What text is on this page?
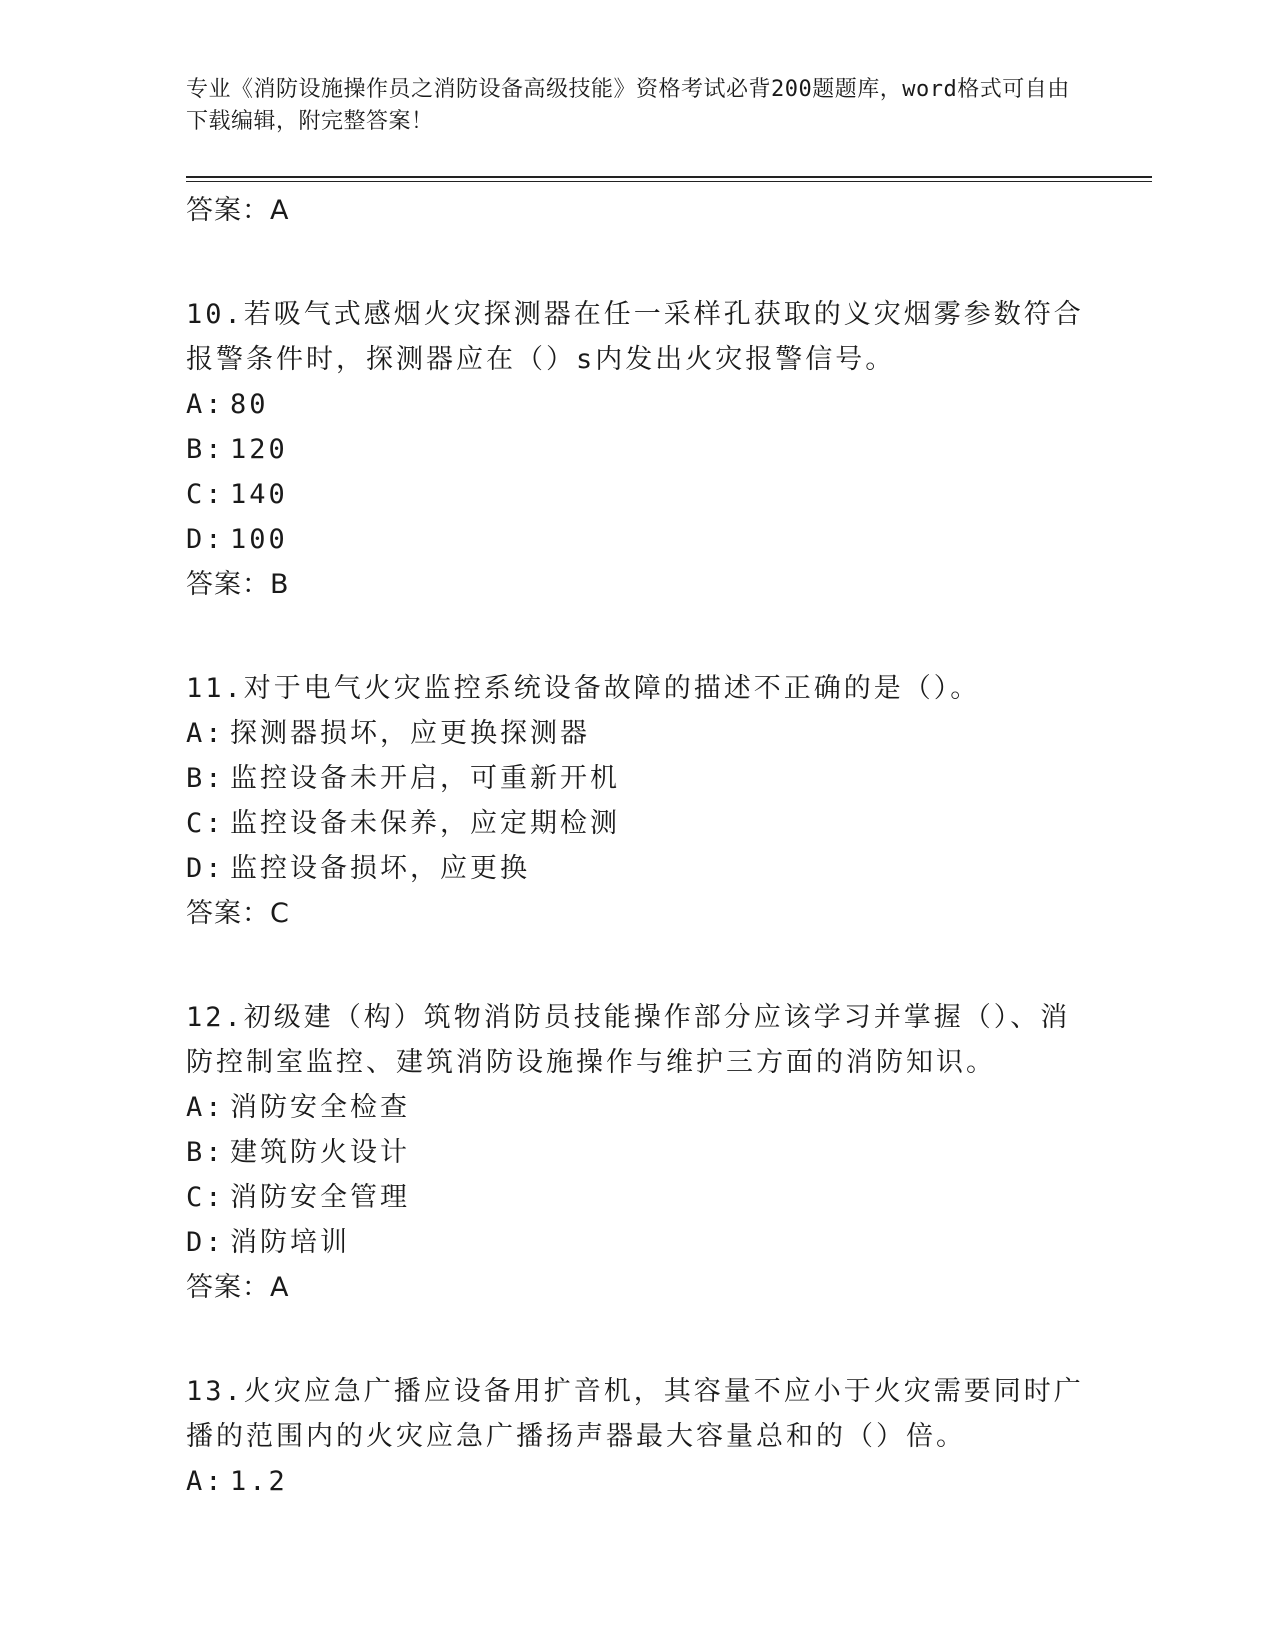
专业《消防设施操作员之消防设备高级技能》资格考试必背200题题库，word格式可自由下载编辑，附完整答案！

答案：A

10.若吸气式感烟火灾探测器在任一采样孔获取的义灾烟雾参数符合报警条件时，探测器应在（）s内发出火灾报警信号。

A: 80
B: 120
C: 140
D: 100
答案：B

11.对于电气火灾监控系统设备故障的描述不正确的是（）。

A: 探测器损坏，应更换探测器
B: 监控设备未开启，可重新开机
C: 监控设备未保养，应定期检测
D: 监控设备损坏，应更换
答案：C

12.初级建（构）筑物消防员技能操作部分应该学习并掌握（）、消防控制室监控、建筑消防设施操作与维护三方面的消防知识。

A: 消防安全检查
B: 建筑防火设计
C: 消防安全管理
D: 消防培训
答案：A

13.火灾应急广播应设备用扩音机，其容量不应小于火灾需要同时广播的范围内的火灾应急广播扬声器最大容量总和的（）倍。

A: 1.2
